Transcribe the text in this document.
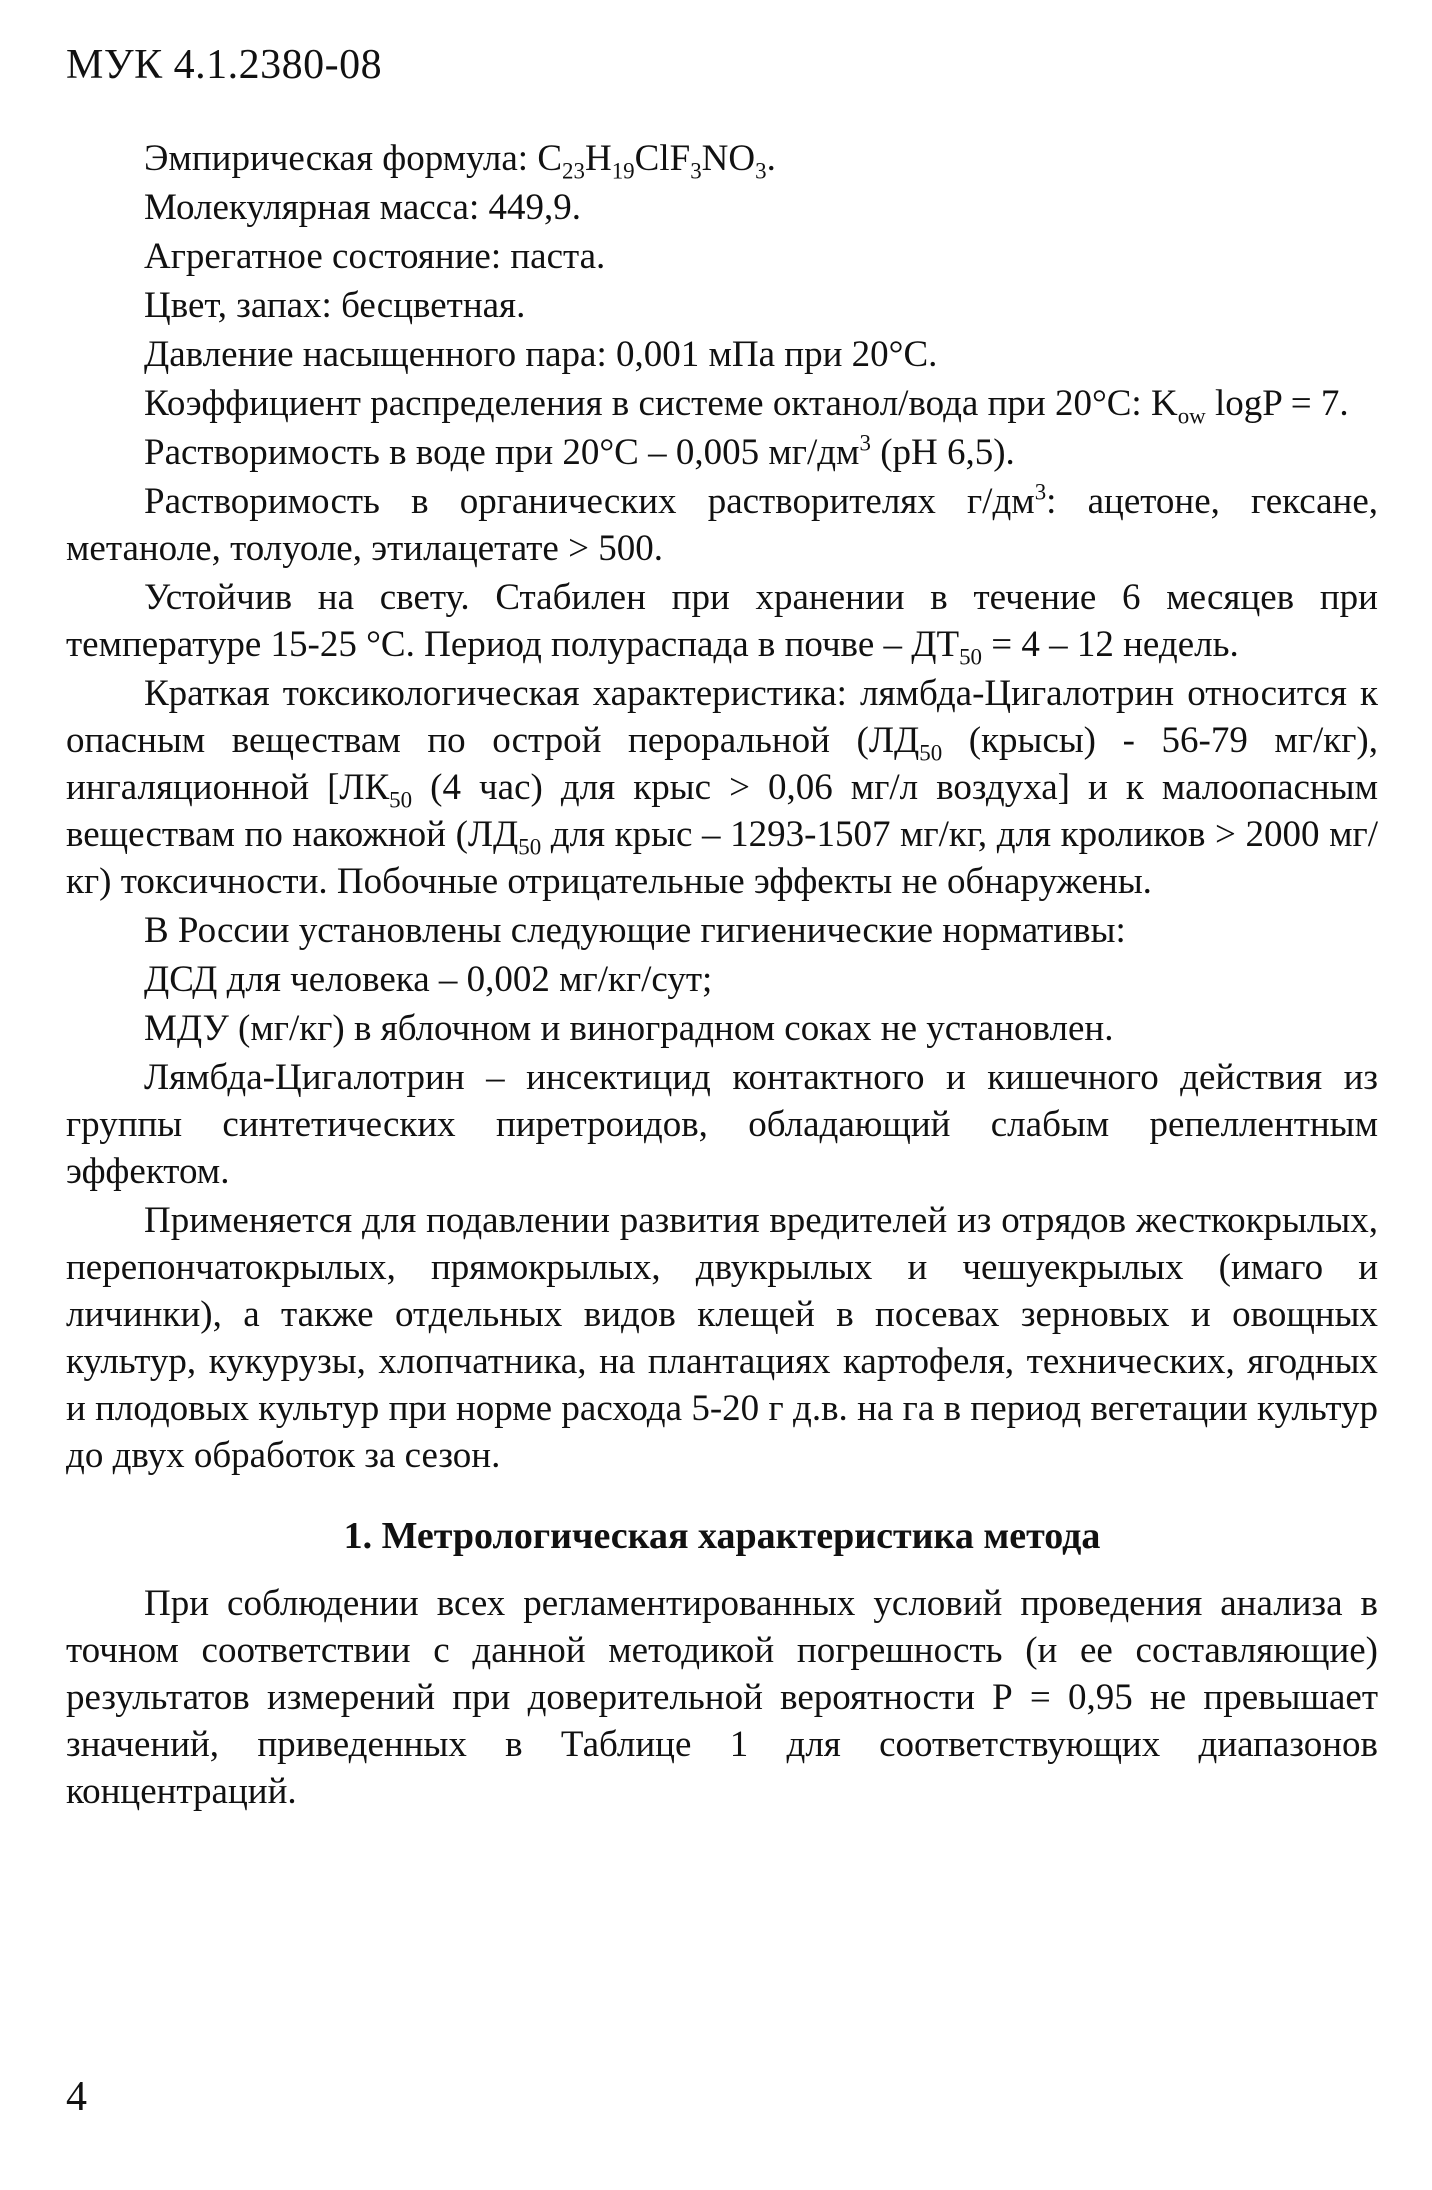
МУК 4.1.2380-08

Эмпирическая формула: $C_{23}H_{19}ClF_3NO_3$.

Молекулярная масса: 449,9.

Агрегатное состояние: паста.

Цвет, запах: бесцветная.

Давление насыщенного пара: 0,001 мПа при 20°С.

Коэффициент распределения в системе октанол/вода при 20°С: $K_{ow}$ logP = 7.

Растворимость в воде при 20°С – 0,005 $мг/дм^3$ (pH 6,5).

Растворимость в органических растворителях $г/дм^3$: ацетоне, гексане, метаноле, толуоле, этилацетате > 500.

Устойчив на свету. Стабилен при хранении в течение 6 месяцев при температуре 15-25 °С. Период полураспада в почве – $ДТ_{50} = 4 - 12$ недель.

Краткая токсикологическая характеристика: лямбда-Цигалотрин относится к опасным веществам по острой пероральной ($ЛД_{50}$ (крысы) - 56-79 мг/кг), ингаляционной [$ЛК_{50}$ (4 час) для крыс > 0,06 мг/л воздуха] и к малоопасным веществам по накожной ($ЛД_{50}$ для крыс – 1293-1507 мг/кг, для кроликов > 2000 мг/кг) токсичности. Побочные отрицательные эффекты не обнаружены.

В России установлены следующие гигиенические нормативы:

ДСД для человека – 0,002 мг/кг/сут;

МДУ (мг/кг) в яблочном и виноградном соках не установлен.

Лямбда-Цигалотрин – инсектицид контактного и кишечного действия из группы синтетических пиретроидов, обладающий слабым репеллентным эффектом.

Применяется для подавлении развития вредителей из отрядов жесткокрылых, перепончатокрылых, прямокрылых, двукрылых и чешуекрылых (имаго и личинки), а также отдельных видов клещей в посевах зерновых и овощных культур, кукурузы, хлопчатника, на плантациях картофеля, технических, ягодных и плодовых культур при норме расхода 5-20 г д.в. на га в период вегетации культур до двух обработок за сезон.

1. Метрологическая характеристика метода

При соблюдении всех регламентированных условий проведения анализа в точном соответствии с данной методикой погрешность (и ее составляющие) результатов измерений при доверительной вероятности Р = 0,95 не превышает значений, приведенных в Таблице 1 для соответствующих диапазонов концентраций.

4
